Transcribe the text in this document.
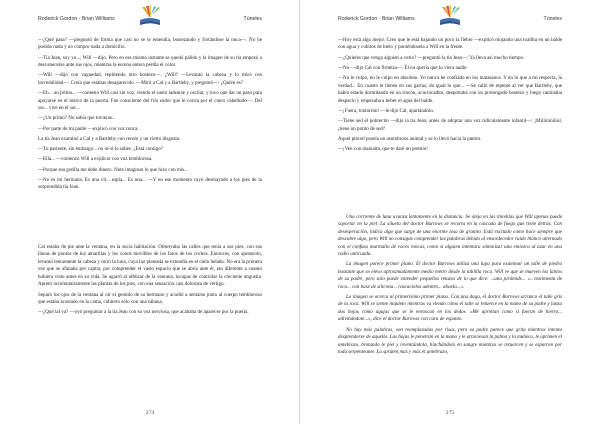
Roderick Gordon - Brian Williams	Túneles

—¿Qué pasa? —preguntó de forma que casi no se le entendía, bostezando y frotándose la nuca—. No he podido nada y no compro nada a domicilio.

—Tía Jean, soy yo..., Will —dijo. Pero en ese mismo instante se quedó pálido y la imagen de su tía empezó a desvanecerse ante sus ojos, mientras la escena entera perdía el color.

—Will —dijo con vaguedad, repitiendo otro bostezo—. ¿Will? —Levantó la cabeza y lo miró con incredulidad—. Creía que estabas desaparecido. —Miró a Cal y a Bartleby, y preguntó—: ¿Quién es?

—Eh... un primo... —contestó Will casi sin voz, viendo el suelo ladearse y oscilar, y tuvo que dar un paso para apoyarse en el marco de la puerta. Fue consciente del frío sudor que le corría por el cuero cabelludo—. Del sur... vive en el sur...

—¿Un primo? No sabía que tuvieras...

—Por parte de mi padre —explicó con voz ronca.

La tía Jean examinó a Cal y a Bartleby con recelo y un cierto disgusto.

—Tu pariente, sin embargo... no sé si lo sabes. ¿Está contigo?

—Ella... —comenzó Will a explicar con voz temblorosa.

—Porque esa gotilla me debe dinero. Note imaginas lo que hizo con mis...

—No es mi hermana. Es una vil... espía... Es una... —Y en ese momento cayó desmayado a los pies de la sorprendida tía Jean.

Cal estaba de pie ante la ventana, en la sucia habitación. Observaba las calles que tenía a sus pies, con sus líneas de puntos de luz amarillas y los conos movibles de los faros de los coches. Entonces, con aprensión, levantó lentamente la cabeza y miró la luna, cuya luz plateada se extendía en el cielo helado. No era la primera vez que se afanaba por captar, por comprender el vasto espacio que se abría ante él, tan diferente a cuanto hubiera visto antes en su vida. Se agarró al alféizar de la ventana, incapaz de controlar la creciente angustia. Apretó involuntariamente las plantas de los pies, con una sensación casi dolorosa de vértigo.

Separó los ojos de la ventana al oír el gemido de su hermano y acudió a sentarse junto al cuerpo tembloroso que estaba acostado en la cama, cubierto sólo con una sábana.

—¿Qué tal va? —oyó preguntar a la tía Jean con su voz nerviosa, que acababa de aparecer por la puerta.

274
Roderick Gordon - Brian Williams	Túneles

—Hoy está algo mejor. Creo que le está bajando un poco la fiebre —explicó mojando una toallita en un balde con agua y cubitos de hielo y poniéndosela a Will en la frente.

—¿Quieres que venga alguien a verlo? —preguntó la tía Jean—. Ya lleva así mucho tiempo.

—No —dijo Cal con firmeza—. Él no quería que lo viera nadie.

—No le culpo, no le culpo en absoluto. Yo nunca he confiado en los matasanos. Y en lo que a mí respecta, la verdad... En cuanto te tienen en sus garras, da igual lo que... —Se calló de repente al ver que Bartleby, que había estado dormitando en un rincón, acurrucadito, despertaba con un prolongado bostezo y luego caminaba despacio y empezaba a beber el agua del balde.

—¡Fuera, tontorrón! —le dijo Cal, apartándolo.

—Tiene sed el pobrecito —dijo la tía Jean, antes de adoptar una voz ridículamente infantil—: ¡Miiiininiiiol, ¡tiene un potito de sed?

Aquel pitorel poseía un asombroso animal y se lo llevó hacia la puerta.

—¡Ven con mamaita, que te daré un premio!

Una corriente de luna avanza lentamente en la distancia. Se aleja en las tinieblas que Will apenas puede soportar en la piel. La silueta del doctor Burrows se recorta en la cascada de fuego que tiene detrás. Con desesperación, indica algo que surge de una enorme losa de granito. Está excitado como hace siempre que descubre algo, pero Will no consigue comprender las palabras debido al ensordecedor ruido blanco alternado con el confuso murmullo de voces roncas, como si alguien intentara sintonizar una emisora al azar en una radio anticuada.

La imagen parece primer plano. El doctor Burrows utiliza una lupa para examinar un talle de piedra bastante que se eleva aproximadamente medio metro desde la tablilla roca. Will ve que se mueven los labios de su padre, pero sólo puede entender pequeños retazos de lo que dice: ...una pirámide... «...vestimenta de roca... con base de silicona... rascacielos adentro... abuela...».

La imagen se acerca al primerísimo primer plano. Con una daga, el doctor Burrows arranca el talle gris de la roca. Will se siente inquieto mientras va viendo cómo el talle se retuerce en la mano de su padre y lanza dos hojas como agujas que se le enroscan en los dedos. «Me apriétan como si fueran de hierro... adivinándote...», dice el doctor Burrows con cara de espanto.

No hay más palabras, son reemplazadas por risas, pero su padre parece que grita mientras intenta desprenderse de aquello. Las hojas le penetran en la mano y le atraviesan la palma y la muñeca, le oprimen el antebrazo, brotando le piel y reventándola, hinchándola en sangre mientras se retuercen y se esparcen por toda serpenteante. La sprúten más y más el antebrazo,

275
